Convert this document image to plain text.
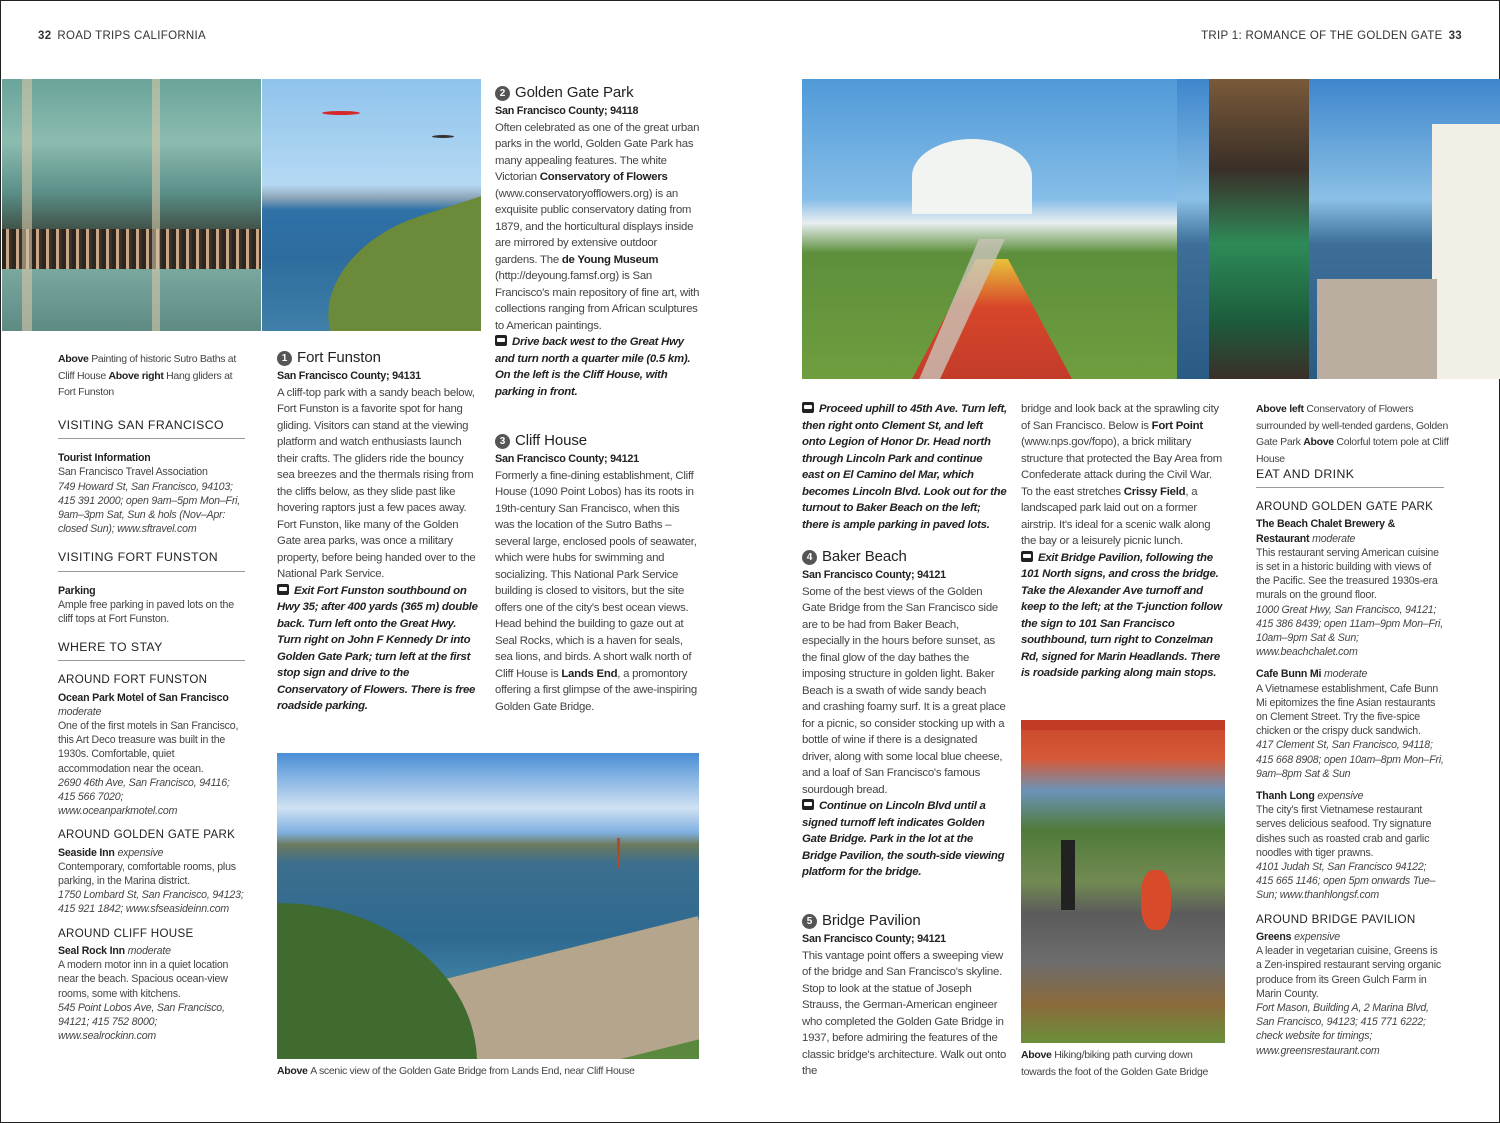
32 ROAD TRIPS CALIFORNIA	TRIP 1: ROMANCE OF THE GOLDEN GATE 33
Above Painting of historic Sutro Baths at Cliff House Above right Hang gliders at Fort Funston
Above A scenic view of the Golden Gate Bridge from Lands End, near Cliff House
Above left Conservatory of Flowers surrounded by well-tended gardens, Golden Gate Park Above Colorful totem pole at Cliff House
Above Hiking/biking path curving down towards the foot of the Golden Gate Bridge
VISITING SAN FRANCISCO
Tourist Information
San Francisco Travel Association
749 Howard St, San Francisco, 94103; 415 391 2000; open 9am–5pm Mon–Fri, 9am–3pm Sat, Sun & hols (Nov–Apr: closed Sun); www.sftravel.com
VISITING FORT FUNSTON
Parking
Ample free parking in paved lots on the cliff tops at Fort Funston.
WHERE TO STAY
AROUND FORT FUNSTON
Ocean Park Motel of San Francisco moderate
One of the first motels in San Francisco, this Art Deco treasure was built in the 1930s. Comfortable, quiet accommodation near the ocean.
2690 46th Ave, San Francisco, 94116; 415 566 7020; www.oceanparkmotel.com
AROUND GOLDEN GATE PARK
Seaside Inn expensive
Contemporary, comfortable rooms, plus parking, in the Marina district.
1750 Lombard St, San Francisco, 94123; 415 921 1842; www.sfseasideinn.com
AROUND CLIFF HOUSE
Seal Rock Inn moderate
A modern motor inn in a quiet location near the beach. Spacious ocean-view rooms, some with kitchens.
545 Point Lobos Ave, San Francisco, 94121; 415 752 8000; www.sealrockinn.com
EAT AND DRINK
AROUND GOLDEN GATE PARK
The Beach Chalet Brewery & Restaurant moderate
This restaurant serving American cuisine is set in a historic building with views of the Pacific. See the treasured 1930s-era murals on the ground floor.
1000 Great Hwy, San Francisco, 94121; 415 386 8439; open 11am–9pm Mon–Fri, 10am–9pm Sat & Sun; www.beachchalet.com
Cafe Bunn Mi moderate
A Vietnamese establishment, Cafe Bunn Mi epitomizes the fine Asian restaurants on Clement Street. Try the five-spice chicken or the crispy duck sandwich.
417 Clement St, San Francisco, 94118; 415 668 8908; open 10am–8pm Mon–Fri, 9am–8pm Sat & Sun
Thanh Long expensive
The city's first Vietnamese restaurant serves delicious seafood. Try signature dishes such as roasted crab and garlic noodles with tiger prawns.
4101 Judah St, San Francisco 94122; 415 665 1146; open 5pm onwards Tue–Sun; www.thanhlongsf.com
AROUND BRIDGE PAVILION
Greens expensive
A leader in vegetarian cuisine, Greens is a Zen-inspired restaurant serving organic produce from its Green Gulch Farm in Marin County.
Fort Mason, Building A, 2 Marina Blvd, San Francisco, 94123; 415 771 6222; check website for timings; www.greensrestaurant.com
1 Fort Funston
San Francisco County; 94131

A cliff-top park with a sandy beach below, Fort Funston is a favorite spot for hang gliding. Visitors can stand at the viewing platform and watch enthusiasts launch their crafts. The gliders ride the bouncy sea breezes and the thermals rising from the cliffs below, as they slide past like hovering raptors just a few paces away. Fort Funston, like many of the Golden Gate area parks, was once a military property, before being handed over to the National Park Service.

Exit Fort Funston southbound on Hwy 35; after 400 yards (365 m) double back. Turn left onto the Great Hwy. Turn right on John F Kennedy Dr into Golden Gate Park; turn left at the first stop sign and drive to the Conservatory of Flowers. There is free roadside parking.
2 Golden Gate Park
San Francisco County; 94118

Often celebrated as one of the great urban parks in the world, Golden Gate Park has many appealing features. The white Victorian Conservatory of Flowers (www.conservatoryofflowers.org) is an exquisite public conservatory dating from 1879, and the horticultural displays inside are mirrored by extensive outdoor gardens. The de Young Museum (http://deyoung.famsf.org) is San Francisco's main repository of fine art, with collections ranging from African sculptures to American paintings.

Drive back west to the Great Hwy and turn north a quarter mile (0.5 km). On the left is the Cliff House, with parking in front.
3 Cliff House
San Francisco County; 94121

Formerly a fine-dining establishment, Cliff House (1090 Point Lobos) has its roots in 19th-century San Francisco, when this was the location of the Sutro Baths – several large, enclosed pools of seawater, which were hubs for swimming and socializing. This National Park Service building is closed to visitors, but the site offers one of the city's best ocean views. Head behind the building to gaze out at Seal Rocks, which is a haven for seals, sea lions, and birds. A short walk north of Cliff House is Lands End, a promontory offering a first glimpse of the awe-inspiring Golden Gate Bridge.

Proceed uphill to 45th Ave. Turn left, then right onto Clement St, and left onto Legion of Honor Dr. Head north through Lincoln Park and continue east on El Camino del Mar, which becomes Lincoln Blvd. Look out for the turnout to Baker Beach on the left; there is ample parking in paved lots.
4 Baker Beach
San Francisco County; 94121

Some of the best views of the Golden Gate Bridge from the San Francisco side are to be had from Baker Beach, especially in the hours before sunset, as the final glow of the day bathes the imposing structure in golden light. Baker Beach is a swath of wide sandy beach and crashing foamy surf. It is a great place for a picnic, so consider stocking up with a bottle of wine if there is a designated driver, along with some local blue cheese, and a loaf of San Francisco's famous sourdough bread.

Continue on Lincoln Blvd until a signed turnoff left indicates Golden Gate Bridge. Park in the lot at the Bridge Pavilion, the south-side viewing platform for the bridge.
5 Bridge Pavilion
San Francisco County; 94121

This vantage point offers a sweeping view of the bridge and San Francisco's skyline. Stop to look at the statue of Joseph Strauss, the German-American engineer who completed the Golden Gate Bridge in 1937, before admiring the features of the classic bridge's architecture. Walk out onto the

bridge and look back at the sprawling city of San Francisco. Below is Fort Point (www.nps.gov/fopo), a brick military structure that protected the Bay Area from Confederate attack during the Civil War. To the east stretches Crissy Field, a landscaped park laid out on a former airstrip. It's ideal for a scenic walk along the bay or a leisurely picnic lunch.

Exit Bridge Pavilion, following the 101 North signs, and cross the bridge. Take the Alexander Ave turnoff and keep to the left; at the T-junction follow the sign to 101 San Francisco southbound, turn right to Conzelman Rd, signed for Marin Headlands. There is roadside parking along main stops.
